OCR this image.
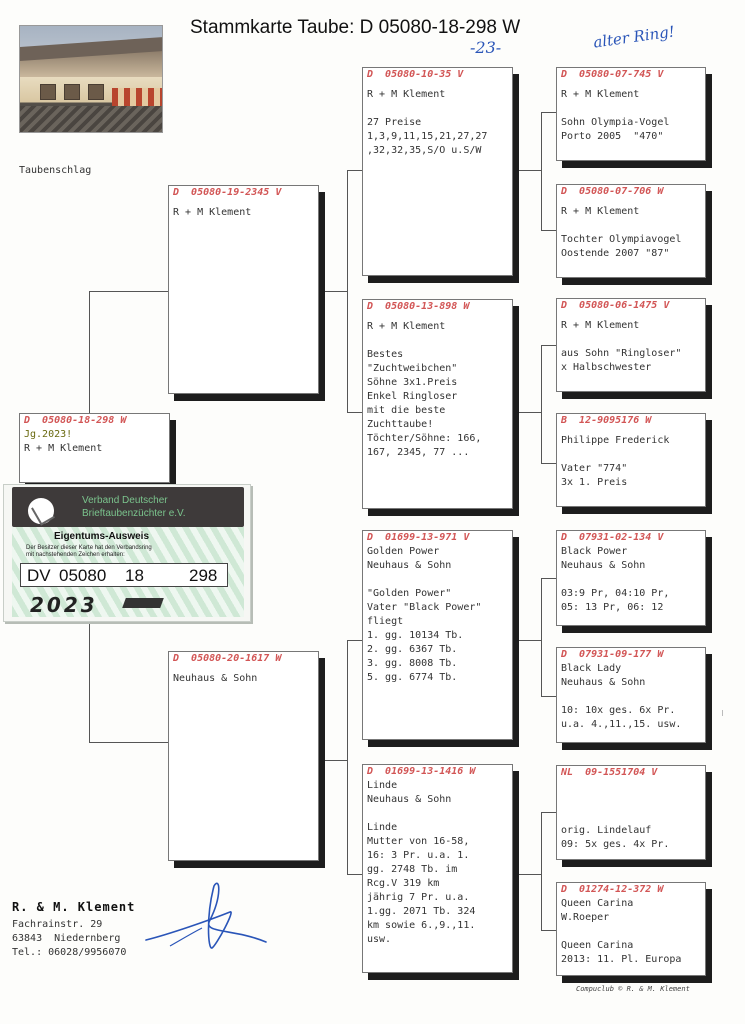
Stammkarte Taube: D 05080-18-298 W
-23-	alter Ring!
Taubenschlag
D  05080-18-298 W
Jg.2023!
R + M Klement
D  05080-19-2345 V
R + M Klement
D  05080-20-1617 W
Neuhaus & Sohn
D  05080-10-35 V
R + M Klement
27 Preise
1,3,9,11,15,21,27,27
,32,32,35,S/O u.S/W
D  05080-13-898 W
R + M Klement
Bestes
"Zuchtweibchen"
Söhne 3x1.Preis
Enkel Ringloser
mit die beste
Zuchttaube!
Töchter/Söhne: 166,
167, 2345, 77 ...
D  01699-13-971 V
Golden Power
Neuhaus & Sohn
"Golden Power"
Vater "Black Power"
fliegt
1. gg. 10134 Tb.
2. gg. 6367 Tb.
3. gg. 8008 Tb.
5. gg. 6774 Tb.
D  01699-13-1416 W
Linde
Neuhaus & Sohn
Linde
Mutter von 16-58,
16: 3 Pr. u.a. 1.
gg. 2748 Tb. im
Rcg.V 319 km
jährig 7 Pr. u.a.
1.gg. 2071 Tb. 324
km sowie 6.,9.,11.
usw.
D  05080-07-745 V
R + M Klement
Sohn Olympia-Vogel
Porto 2005  "470"
D  05080-07-706 W
R + M Klement
Tochter Olympiavogel
Oostende 2007 "87"
D  05080-06-1475 V
R + M Klement
aus Sohn "Ringloser"
x Halbschwester
B  12-9095176 W
Philippe Frederick
Vater "774"
3x 1. Preis
D  07931-02-134 V
Black Power
Neuhaus & Sohn
03:9 Pr, 04:10 Pr,
05: 13 Pr, 06: 12
D  07931-09-177 W
Black Lady
Neuhaus & Sohn
10: 10x ges. 6x Pr.
u.a. 4.,11.,15. usw.
NL  09-1551704 V
orig. Lindelauf
09: 5x ges. 4x Pr.
D  01274-12-372 W
Queen Carina
W.Roeper
Queen Carina
2013: 11. Pl. Europa
Verband Deutscher
Brieftaubenzüchter e.V.
Eigentums-Ausweis
Der Besitzer dieser Karte hat den Verbandsring
mit nachstehenden Zeichen erhalten:
DV 05080 18	298
2023
R. & M. Klement
Fachrainstr. 29
63843  Niedernberg
Tel.: 06028/9956070
Compuclub © R. & M. Klement
